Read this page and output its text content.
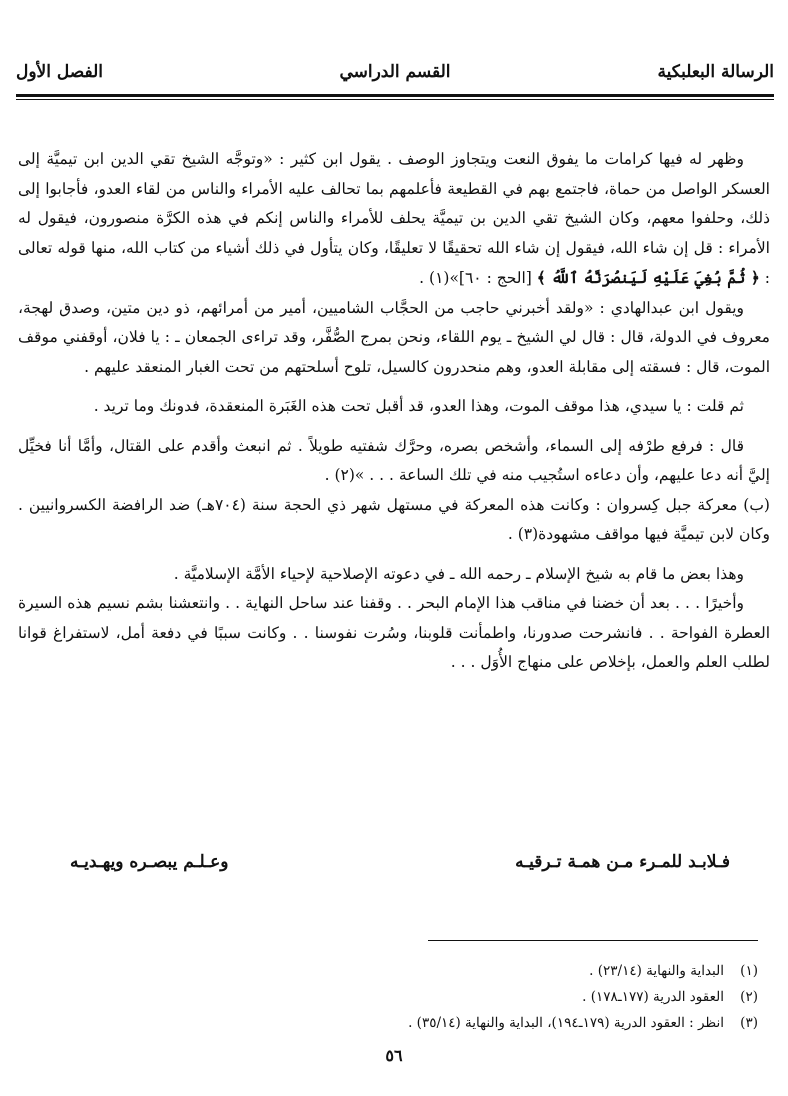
الرسالة البعلبكية
القسم الدراسي
الفصل الأول

وظهر له فيها كرامات ما يفوق النعت ويتجاوز الوصف . يقول ابن كثير : «وتوجَّه الشيخ تقي الدين ابن تيميَّة إلى العسكر الواصل من حماة، فاجتمع بهم في القطيعة فأعلمهم بما تحالف عليه الأمراء والناس من لقاء العدو، فأجابوا إلى ذلك، وحلفوا معهم، وكان الشيخ تقي الدين بن تيميَّة يحلف للأمراء والناس إنكم في هذه الكرَّة منصورون، فيقول له الأمراء : قل إن شاء الله، فيقول إن شاء الله تحقيقًا لا تعليقًا، وكان يتأول في ذلك أشياء من كتاب الله، منها قوله تعالى : ﴿ ثُمَّ بُغِيَ عَلَيْهِ لَيَنصُرَنَّهُ ٱللَّهُ ﴾ [الحج : ٦٠]»(١) .

ويقول ابن عبدالهادي : «ولقد أخبرني حاجب من الحجَّاب الشاميين، أمير من أمرائهم، ذو دين متين، وصدق لهجة، معروف في الدولة، قال : قال لي الشيخ ـ يوم اللقاء، ونحن بمرج الصُّفَّر، وقد تراءى الجمعان ـ : يا فلان، أوقفني موقف الموت، قال : فسقته إلى مقابلة العدو، وهم منحدرون كالسيل، تلوح أسلحتهم من تحت الغبار المنعقد عليهم .

ثم قلت : يا سيدي، هذا موقف الموت، وهذا العدو، قد أقبل تحت هذه الغَبَرة المنعقدة، فدونك وما تريد .

قال : فرفع طرْفه إلى السماء، وأشخص بصره، وحرَّك شفتيه طويلاً . ثم انبعث وأقدم على القتال، وأمَّا أنا فخيِّل إليَّ أنه دعا عليهم، وأن دعاءه استُجيب منه في تلك الساعة . . . »(٢) .

(ب) معركة جبل كِسروان : وكانت هذه المعركة في مستهل شهر ذي الحجة سنة (٧٠٤هـ) ضد الرافضة الكسروانيين . وكان لابن تيميَّة فيها مواقف مشهودة(٣) .

وهذا بعض ما قام به شيخ الإسلام ـ رحمه الله ـ في دعوته الإصلاحية لإحياء الأمَّة الإسلاميَّة .

وأخيرًا . . . بعد أن خضنا في مناقب هذا الإمام البحر . . وقفنا عند ساحل النهاية . . وانتعشنا بشم نسيم هذه السيرة العطرة الفواحة . . فانشرحت صدورنا، واطمأنت قلوبنا، وسُرت نفوسنا . . وكانت سببًا في دفعة أمل، لاستفراغ قوانا لطلب العلم والعمل، بإخلاص على منهاج الأُوَل . . .

فـلابـد للمـرء مـن همـة تـرقيـه
وعـلـم يبصـره ويهـديـه
(١)
البداية والنهاية (٢٣/١٤) .
(٢)
العقود الدرية (١٧٧ـ١٧٨) .
(٣)
انظر : العقود الدرية (١٧٩ـ١٩٤)، البداية والنهاية (٣٥/١٤) .
٥٦
